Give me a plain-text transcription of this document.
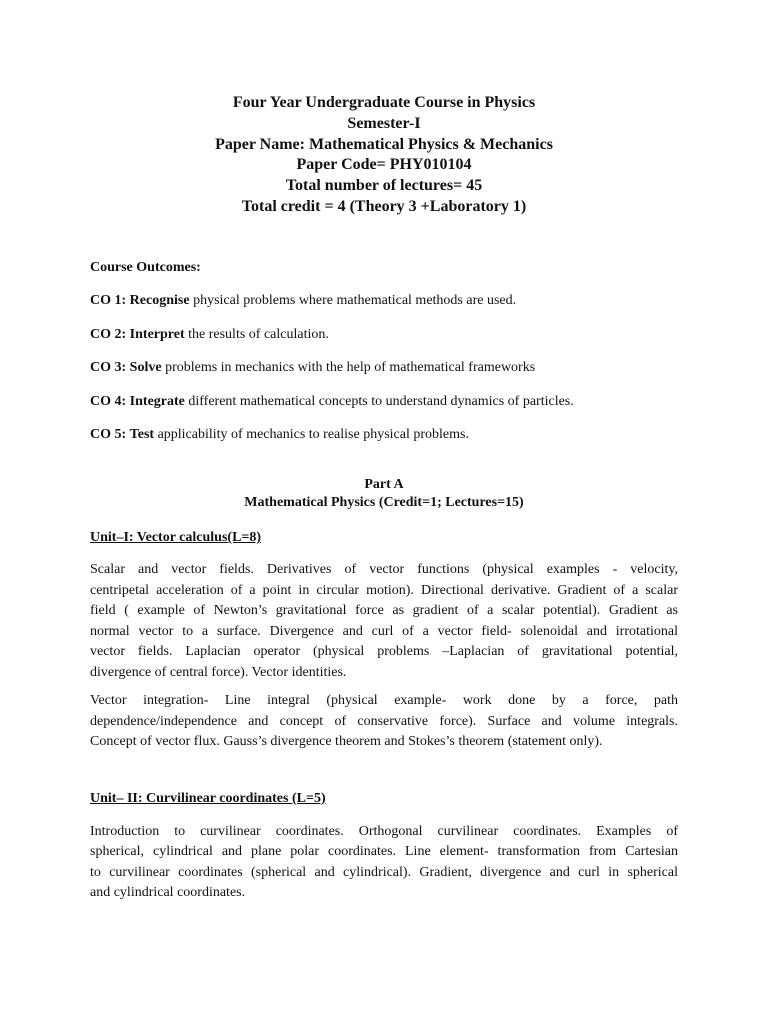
Four Year Undergraduate Course in Physics
Semester-I
Paper Name: Mathematical Physics & Mechanics
Paper Code= PHY010104
Total number of lectures= 45
Total credit = 4 (Theory 3 +Laboratory 1)
Course Outcomes:
CO 1: Recognise physical problems where mathematical methods are used.
CO 2: Interpret the results of calculation.
CO 3: Solve problems in mechanics with the help of mathematical frameworks
CO 4: Integrate different mathematical concepts to understand dynamics of particles.
CO 5: Test applicability of mechanics to realise physical problems.
Part A
Mathematical Physics (Credit=1; Lectures=15)
Unit–I: Vector calculus(L=8)
Scalar and vector fields. Derivatives of vector functions (physical examples - velocity,
centripetal acceleration of a point in circular motion). Directional derivative. Gradient of a scalar
field ( example of Newton’s gravitational force as gradient of a scalar potential). Gradient as
normal vector to a surface. Divergence and curl of a vector field- solenoidal and irrotational
vector fields. Laplacian operator (physical problems –Laplacian of gravitational potential,
divergence of central force). Vector identities.
Vector integration- Line integral (physical example- work done by a force, path
dependence/independence and concept of conservative force). Surface and volume integrals.
Concept of vector flux. Gauss’s divergence theorem and Stokes’s theorem (statement only).
Unit– II: Curvilinear coordinates (L=5)
Introduction to curvilinear coordinates. Orthogonal curvilinear coordinates. Examples of
spherical, cylindrical and plane polar coordinates. Line element- transformation from Cartesian
to curvilinear coordinates (spherical and cylindrical). Gradient, divergence and curl in spherical
and cylindrical coordinates.
